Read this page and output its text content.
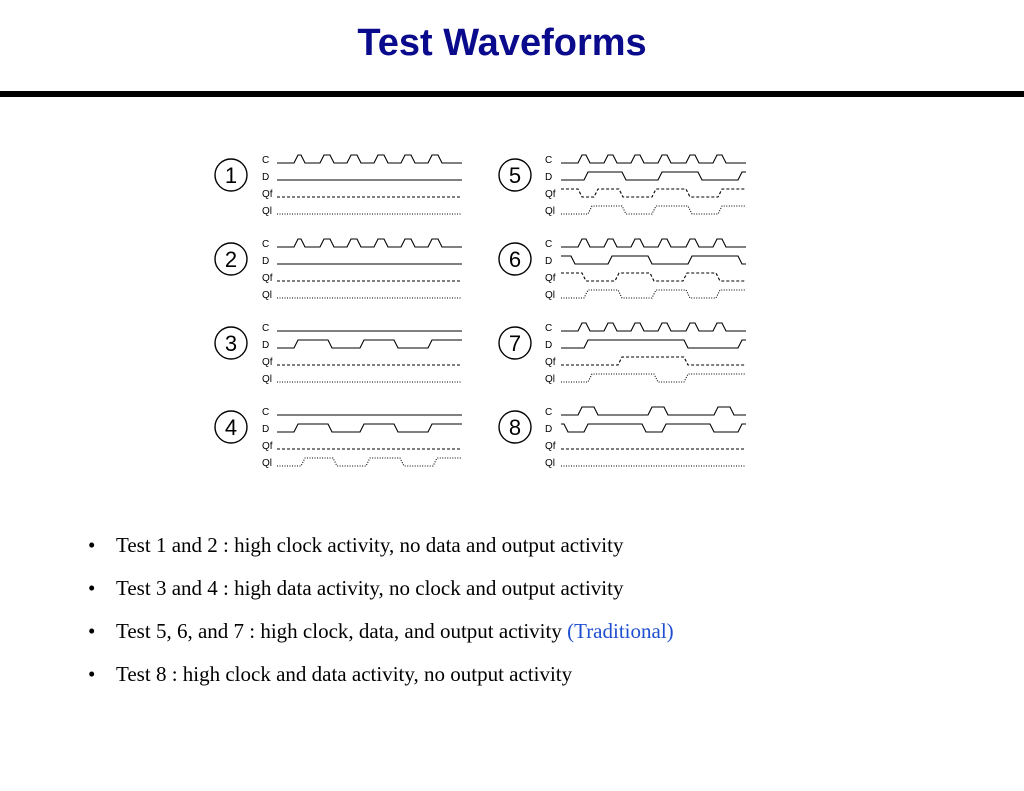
Test Waveforms
1
C
D
Qf
Ql
2
C
D
Qf
Ql
3
C
D
Qf
Ql
4
C
D
Qf
Ql
5
C
D
Qf
Ql
6
C
D
Qf
Ql
7
C
D
Qf
Ql
8
C
D
Qf
Ql
• Test 1 and 2 : high clock activity, no data and output activity
• Test 3 and 4 : high data activity, no clock and output activity
• Test 5, 6, and 7 : high clock, data, and output activity (Traditional)
• Test 8 : high clock and data activity, no output activity
